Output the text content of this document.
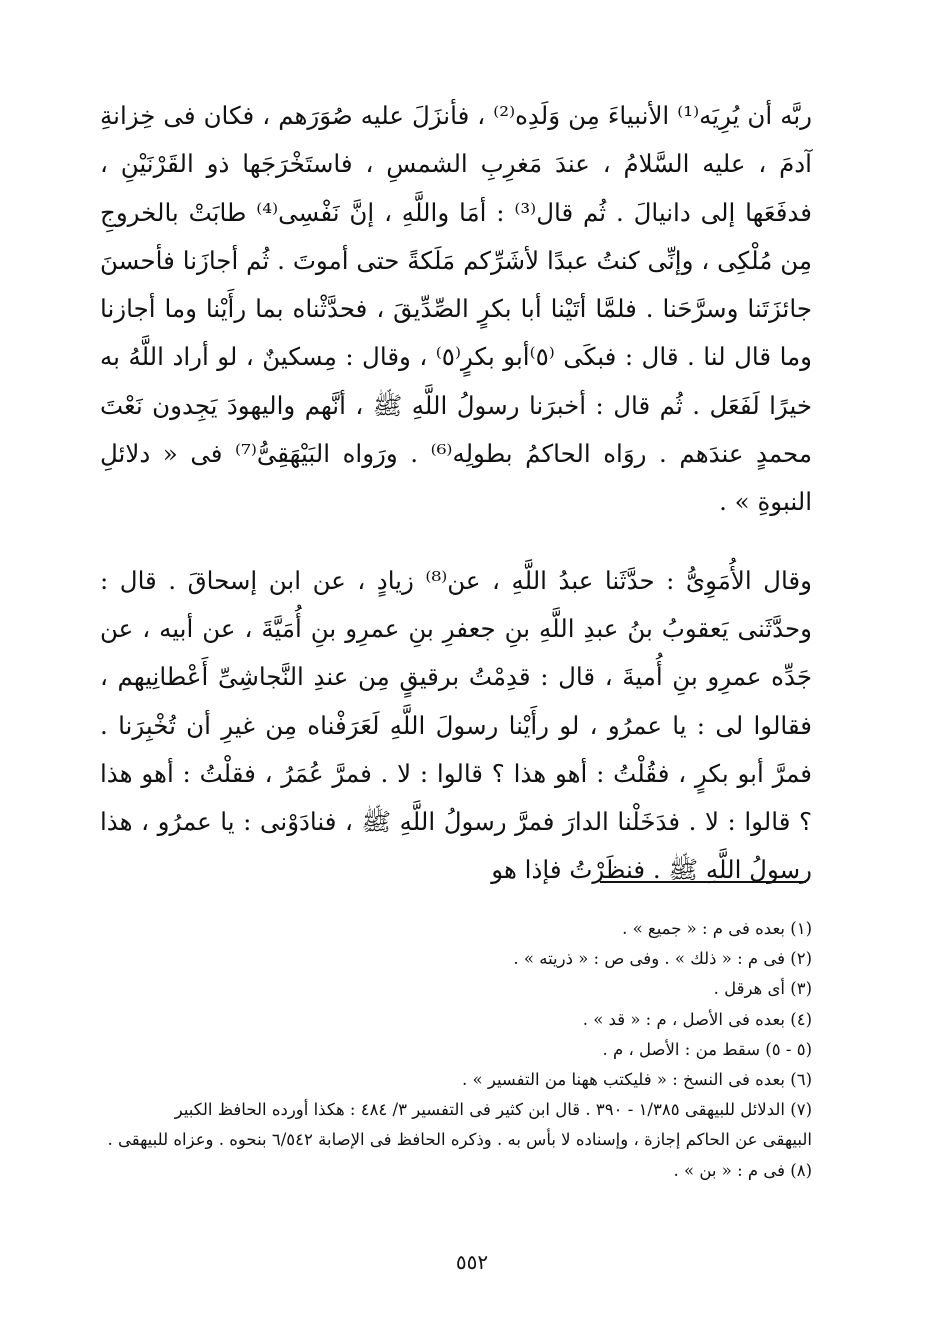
ربَّه أن يُرِيَه⁽¹⁾ الأنبياءَ مِن وَلَدِه⁽²⁾ ، فأنزَلَ عليه صُوَرَهم ، فكان فى خِزانةِ آدمَ ، عليه السَّلامُ ، عندَ مَغرِبِ الشمسِ ، فاستَخْرَجَها ذو القَرْنَيْنِ ، فدفَعَها إلى دانيالَ . ثُم قال⁽³⁾ : أمَا واللَّهِ ، إنَّ نَفْسِى⁽⁴⁾ طابَتْ بالخروجِ مِن مُلْكِى ، وإنِّى كنتُ عبدًا لأشَرِّكم مَلَكةً حتى أموتَ . ثُم أجازَنا فأحسنَ جائزَتَنا وسرَّحَنا . فلمَّا أتَيْنا أبا بكرٍ الصِّدِّيقَ ، فحدَّثْناه بما رأَيْنا وما أجازنا وما قال لنا . قال : فبكَى ⁽٥⁾أبو بكرٍ⁽٥⁾ ، وقال : مِسكينٌ ، لو أراد اللَّهُ به خيرًا لَفَعَل . ثُم قال : أخبرَنا رسولُ اللَّهِ ﷺ ، أنَّهم واليهودَ يَجِدون نَعْتَ محمدٍ عندَهم . روَاه الحاكمُ بطولِه⁽⁶⁾ . ورَواه البَيْهَقِىُّ⁽⁷⁾ فى « دلائلِ النبوةِ » .

وقال الأُمَوِىُّ : حدَّثَنا عبدُ اللَّهِ ، عن⁽⁸⁾ زيادٍ ، عن ابن إسحاقَ . قال : وحدَّثَنى يَعقوبُ بنُ عبدِ اللَّهِ بنِ جعفرِ بنِ عمرِو بنِ أُمَيَّةَ ، عن أبيه ، عن جَدِّه عمرِو بنِ أُميةَ ، قال : قدِمْتُ برقيقٍ مِن عندِ النَّجاشِىِّ أَعْطانِيهم ، فقالوا لى : يا عمرُو ، لو رأَيْنا رسولَ اللَّهِ لَعَرَفْناه مِن غيرِ أن تُخْبِرَنا . فمرَّ أبو بكرٍ ، فقُلْتُ : أهو هذا ؟ قالوا : لا . فمرَّ عُمَرُ ، فقلْتُ : أهو هذا ؟ قالوا : لا . فدَخَلْنا الدارَ فمرَّ رسولُ اللَّهِ ﷺ ، فنادَوْنى : يا عمرُو ، هذا رسولُ اللَّهِ ﷺ . فنظَرْتُ فإذا هو

(١) بعده فى م : « جميع » .

(٢) فى م : « ذلك » . وفى ص : « ذريته » .

(٣) أى هرقل .

(٤) بعده فى الأصل ، م : « قد » .

(٥ - ٥) سقط من : الأصل ، م .

(٦) بعده فى النسخ : « فليكتب ههنا من التفسير » .

(٧) الدلائل للبيهقى ١/٣٨٥ - ٣٩٠ . قال ابن كثير فى التفسير ٣/ ٤٨٤ : هكذا أورده الحافظ الكبير

البيهقى عن الحاكم إجازة ، وإسناده لا بأس به . وذكره الحافظ فى الإصابة ٦/٥٤٢ بنحوه . وعزاه للبيهقى .

(٨) فى م : « بن » .

٥٥٢
